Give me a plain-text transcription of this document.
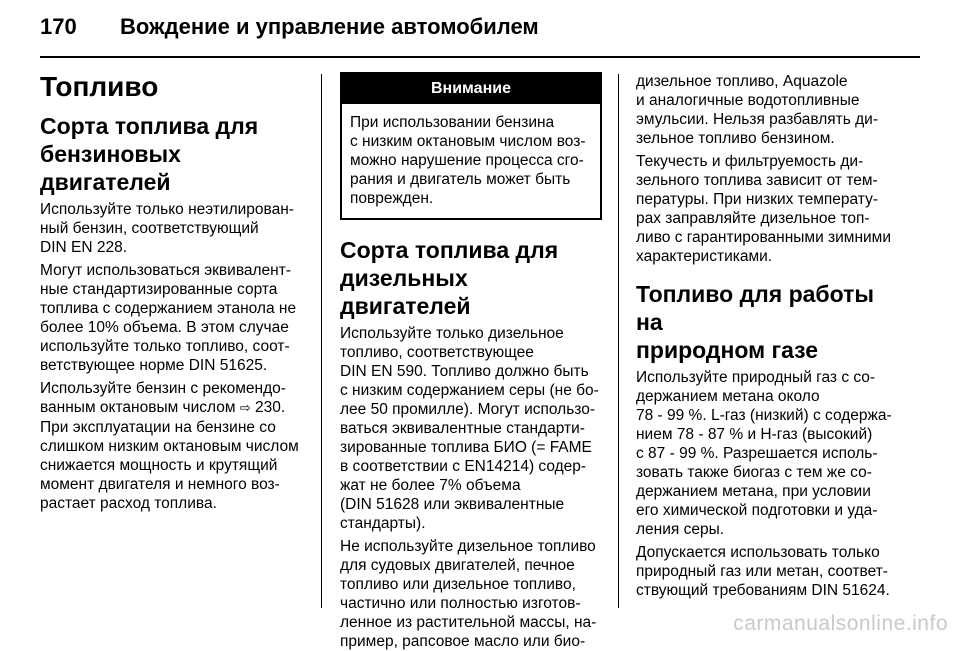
170 Вождение и управление автомобилем
Топливо
Сорта топлива для
бензиновых двигателей
Используйте только неэтилирован-
ный бензин, соответствующий
DIN EN 228.
Могут использоваться эквивалент-
ные стандартизированные сорта
топлива с содержанием этанола не
более 10% объема. В этом случае
используйте только топливо, соот-
ветствующее норме DIN 51625.
Используйте бензин с рекомендо-
ванным октановым числом ⇨ 230.
При эксплуатации на бензине со
слишком низким октановым числом
снижается мощность и крутящий
момент двигателя и немного воз-
растает расход топлива.
Внимание
При использовании бензина
с низким октановым числом воз-
можно нарушение процесса сго-
рания и двигатель может быть
поврежден.
Сорта топлива для
дизельных двигателей
Используйте только дизельное
топливо, соответствующее
DIN EN 590. Топливо должно быть
с низким содержанием серы (не бо-
лее 50 промилле). Могут использо-
ваться эквивалентные стандарти-
зированные топлива БИО (= FAME
в соответствии с EN14214) содер-
жат не более 7% объема
(DIN 51628 или эквивалентные
стандарты).
Не используйте дизельное топливо
для судовых двигателей, печное
топливо или дизельное топливо,
частично или полностью изготов-
ленное из растительной массы, на-
пример, рапсовое масло или био-
дизельное топливо, Aquazole
и аналогичные водотопливные
эмульсии. Нельзя разбавлять ди-
зельное топливо бензином.
Текучесть и фильтруемость ди-
зельного топлива зависит от тем-
пературы. При низких температу-
рах заправляйте дизельное топ-
ливо с гарантированными зимними
характеристиками.
Топливо для работы на
природном газе
Используйте природный газ с со-
держанием метана около
78 - 99 %. L-газ (низкий) с содержа-
нием 78 - 87 % и H-газ (высокий)
с 87 - 99 %. Разрешается исполь-
зовать также биогаз с тем же со-
держанием метана, при условии
его химической подготовки и уда-
ления серы.
Допускается использовать только
природный газ или метан, соответ-
ствующий требованиям DIN 51624.
carmanualsonline.info
